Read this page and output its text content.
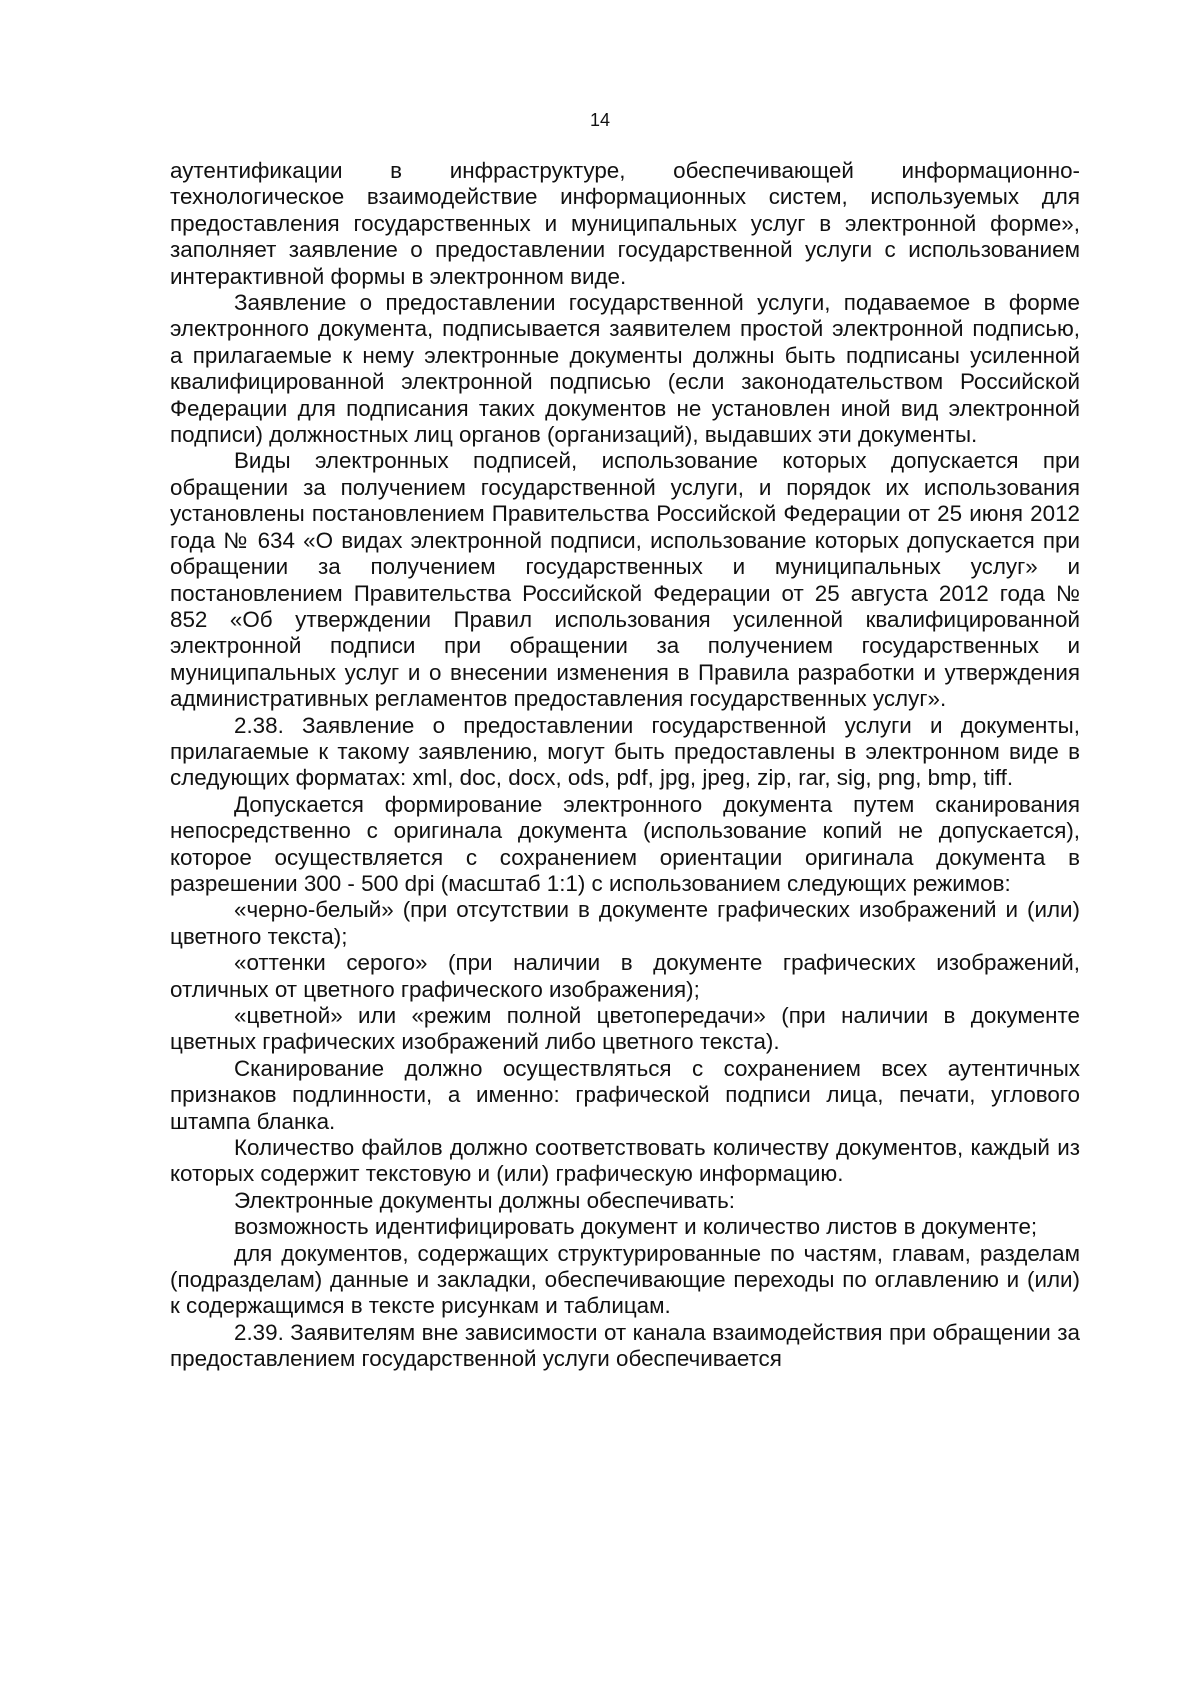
14

аутентификации в инфраструктуре, обеспечивающей информационно-технологическое взаимодействие информационных систем, используемых для предоставления государственных и муниципальных услуг в электронной форме», заполняет заявление о предоставлении государственной услуги с использованием интерактивной формы в электронном виде.

Заявление о предоставлении государственной услуги, подаваемое в форме электронного документа, подписывается заявителем простой электронной подписью, а прилагаемые к нему электронные документы должны быть подписаны усиленной квалифицированной электронной подписью (если законодательством Российской Федерации для подписания таких документов не установлен иной вид электронной подписи) должностных лиц органов (организаций), выдавших эти документы.

Виды электронных подписей, использование которых допускается при обращении за получением государственной услуги, и порядок их использования установлены постановлением Правительства Российской Федерации от 25 июня 2012 года № 634 «О видах электронной подписи, использование которых допускается при обращении за получением государственных и муниципальных услуг» и постановлением Правительства Российской Федерации от 25 августа 2012 года № 852 «Об утверждении Правил использования усиленной квалифицированной электронной подписи при обращении за получением государственных и муниципальных услуг и о внесении изменения в Правила разработки и утверждения административных регламентов предоставления государственных услуг».

2.38. Заявление о предоставлении государственной услуги и документы, прилагаемые к такому заявлению, могут быть предоставлены в электронном виде в следующих форматах: xml, doc, docx, ods, pdf, jpg, jpeg, zip, rar, sig, png, bmp, tiff.

Допускается формирование электронного документа путем сканирования непосредственно с оригинала документа (использование копий не допускается), которое осуществляется с сохранением ориентации оригинала документа в разрешении 300 - 500 dpi (масштаб 1:1) с использованием следующих режимов:

«черно-белый» (при отсутствии в документе графических изображений и (или) цветного текста);

«оттенки серого» (при наличии в документе графических изображений, отличных от цветного графического изображения);

«цветной» или «режим полной цветопередачи» (при наличии в документе цветных графических изображений либо цветного текста).

Сканирование должно осуществляться с сохранением всех аутентичных признаков подлинности, а именно: графической подписи лица, печати, углового штампа бланка.

Количество файлов должно соответствовать количеству документов, каждый из которых содержит текстовую и (или) графическую информацию.

Электронные документы должны обеспечивать:

возможность идентифицировать документ и количество листов в документе;

для документов, содержащих структурированные по частям, главам, разделам (подразделам) данные и закладки, обеспечивающие переходы по оглавлению и (или) к содержащимся в тексте рисункам и таблицам.

2.39. Заявителям вне зависимости от канала взаимодействия при обращении за предоставлением государственной услуги обеспечивается
